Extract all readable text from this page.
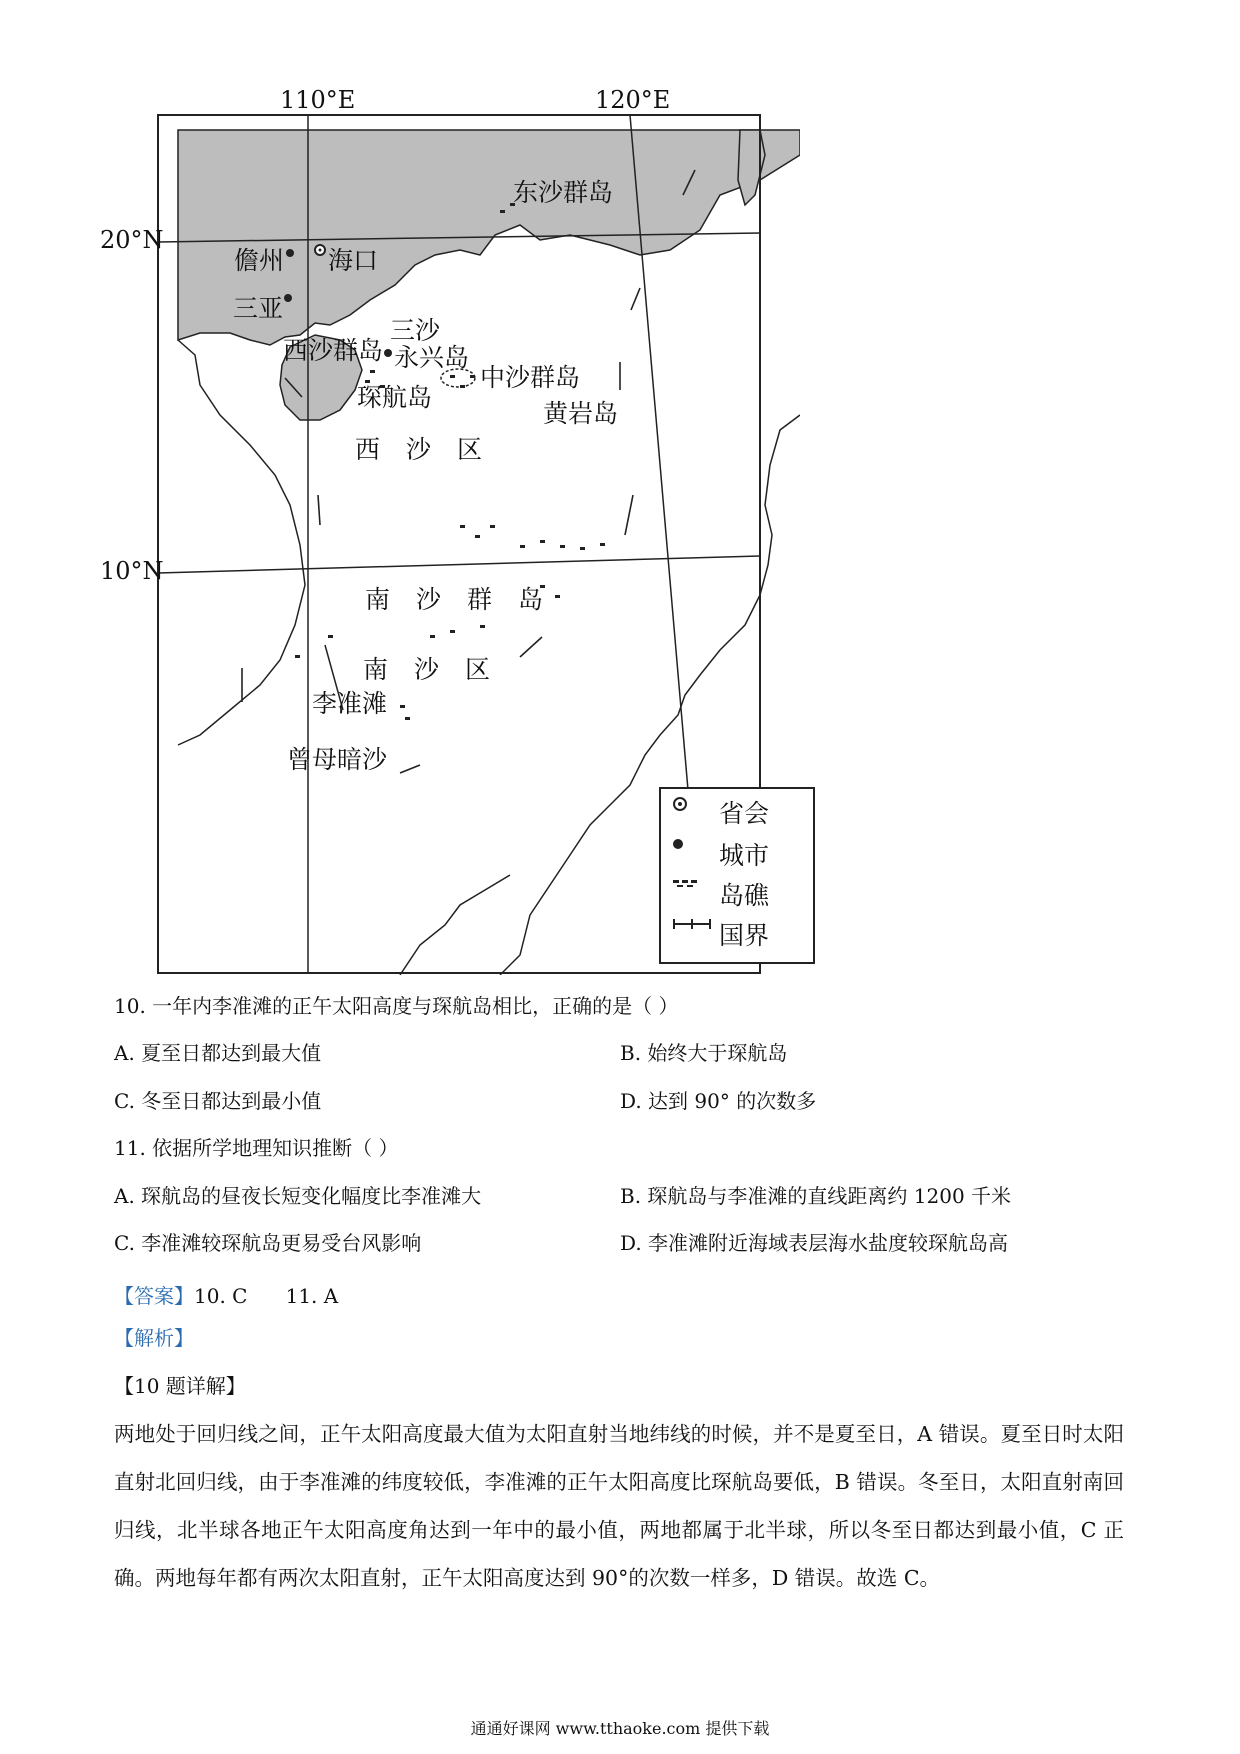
110°E	120°E
20°N
10°N
儋州 海口
三亚
三沙
西沙群岛 永兴岛
琛航岛
中沙群岛
黄岩岛
东沙群岛
西沙区
南沙群岛
南沙区
李准滩
曾母暗沙
省会
城市
岛礁
国界
10. 一年内李准滩的正午太阳高度与琛航岛相比，正确的是（ ）
A. 夏至日都达到最大值	B. 始终大于琛航岛
C. 冬至日都达到最小值	D. 达到 90° 的次数多
11. 依据所学地理知识推断（ ）
A. 琛航岛的昼夜长短变化幅度比李准滩大	B. 琛航岛与李准滩的直线距离约 1200 千米
C. 李准滩较琛航岛更易受台风影响	D. 李准滩附近海域表层海水盐度较琛航岛高
【答案】10. C      11. A
【解析】
【10 题详解】
两地处于回归线之间，正午太阳高度最大值为太阳直射当地纬线的时候，并不是夏至日，A 错误。夏至日时太阳直射北回归线，由于李准滩的纬度较低，李准滩的正午太阳高度比琛航岛要低，B 错误。冬至日，太阳直射南回归线，北半球各地正午太阳高度角达到一年中的最小值，两地都属于北半球，所以冬至日都达到最小值，C 正确。两地每年都有两次太阳直射，正午太阳高度达到 90°的次数一样多，D 错误。故选 C。
通通好课网 www.tthaoke.com 提供下载
